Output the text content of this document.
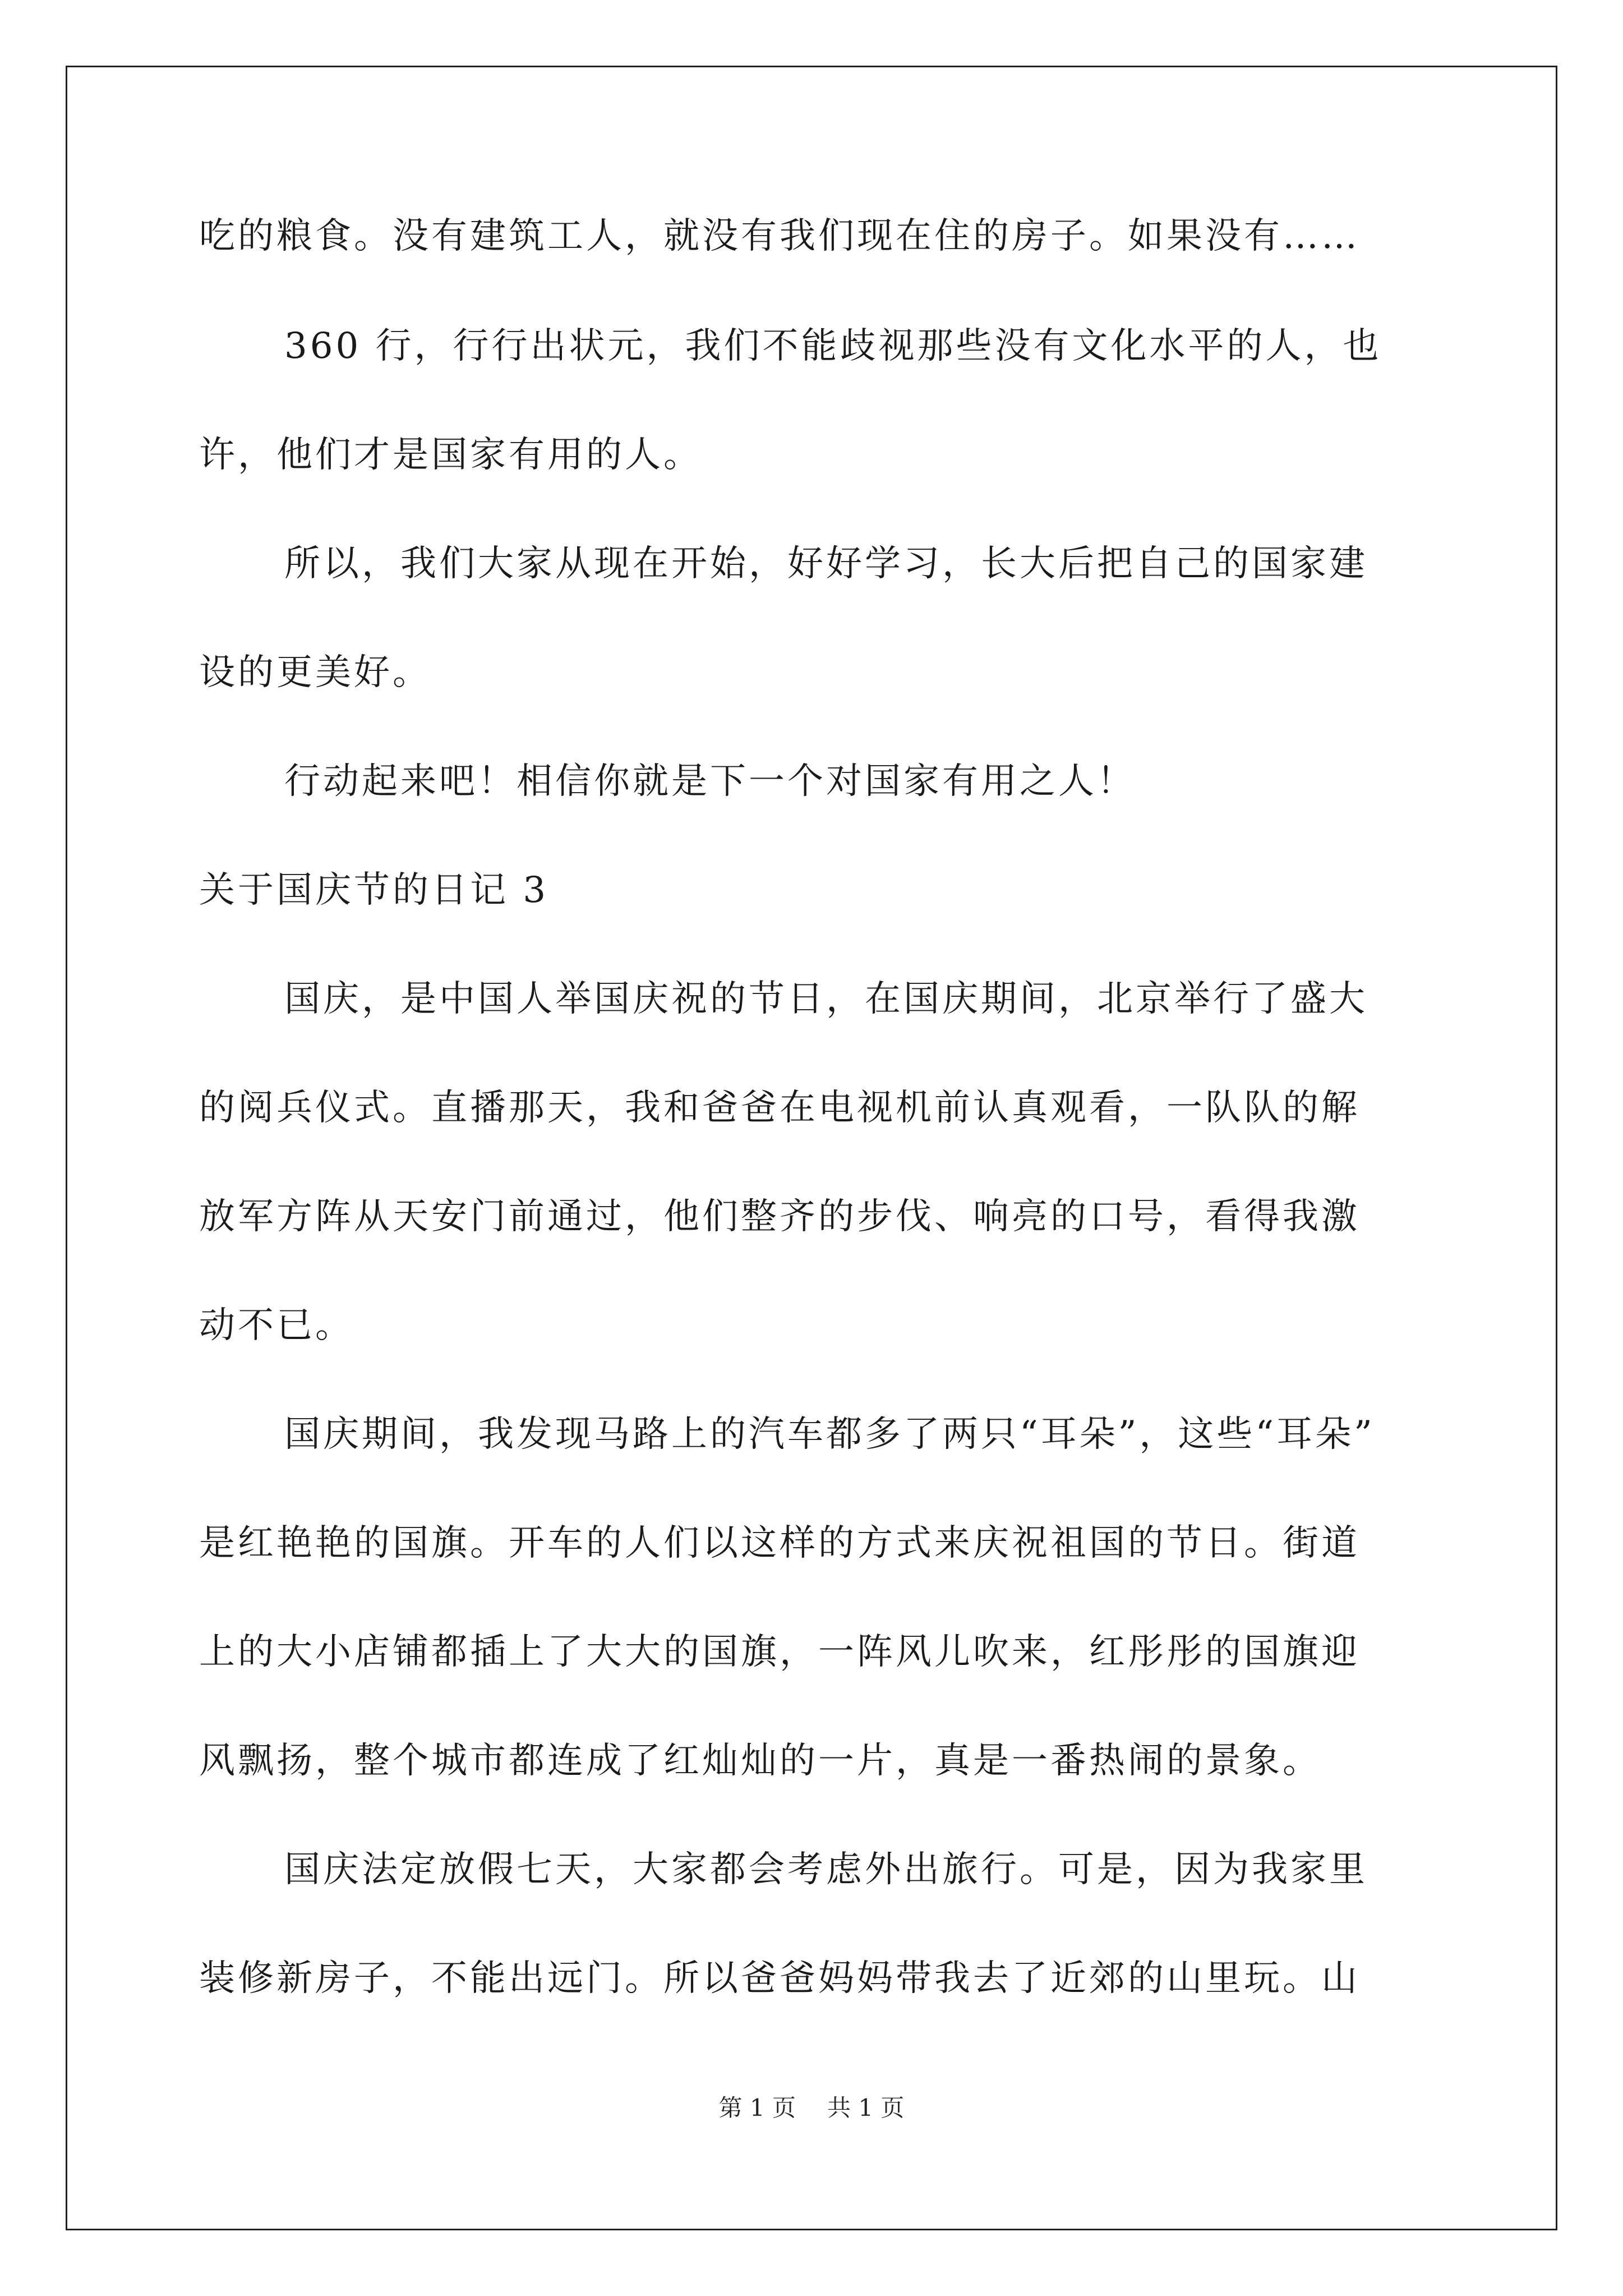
吃的粮食。没有建筑工人，就没有我们现在住的房子。如果没有……
360 行，行行出状元，我们不能歧视那些没有文化水平的人，也
许，他们才是国家有用的人。
所以，我们大家从现在开始，好好学习，长大后把自己的国家建
设的更美好。
行动起来吧！相信你就是下一个对国家有用之人！
关于国庆节的日记 3
国庆，是中国人举国庆祝的节日，在国庆期间，北京举行了盛大
的阅兵仪式。直播那天，我和爸爸在电视机前认真观看，一队队的解
放军方阵从天安门前通过，他们整齐的步伐、响亮的口号，看得我激
动不已。
国庆期间，我发现马路上的汽车都多了两只“耳朵”，这些“耳朵”
是红艳艳的国旗。开车的人们以这样的方式来庆祝祖国的节日。街道
上的大小店铺都插上了大大的国旗，一阵风儿吹来，红彤彤的国旗迎
风飘扬，整个城市都连成了红灿灿的一片，真是一番热闹的景象。
国庆法定放假七天，大家都会考虑外出旅行。可是，因为我家里
装修新房子，不能出远门。所以爸爸妈妈带我去了近郊的山里玩。山
第 1 页 共 1 页
